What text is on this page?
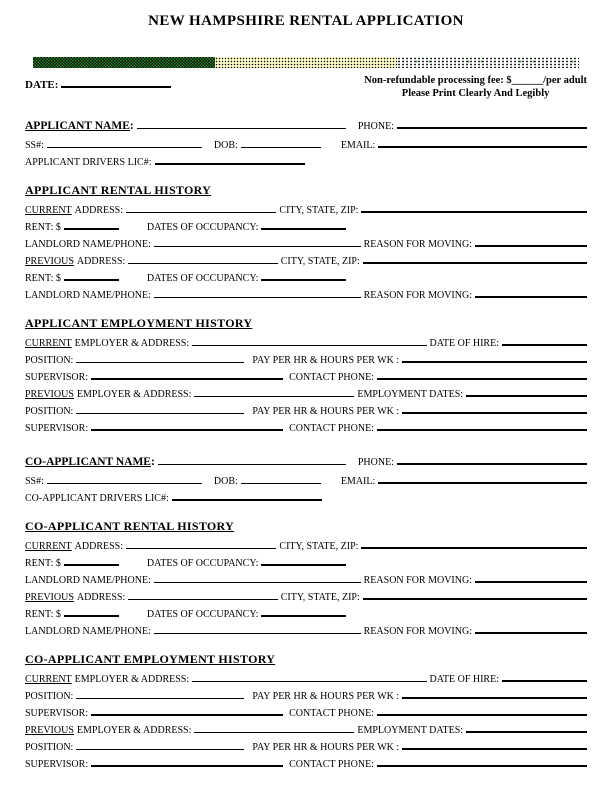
NEW HAMPSHIRE RENTAL APPLICATION
DATE:	Non-refundable processing fee: $______/per adult
Please Print Clearly And Legibly
APPLICANT NAME :	PHONE:
SS#:	DOB:	EMAIL:
APPLICANT DRIVERS LIC#:
APPLICANT RENTAL HISTORY
CURRENT ADDRESS:	CITY, STATE, ZIP:
RENT: $	DATES OF OCCUPANCY:
LANDLORD NAME/PHONE:	REASON FOR MOVING:
PREVIOUS ADDRESS:	CITY, STATE, ZIP:
RENT: $	DATES OF OCCUPANCY:
LANDLORD NAME/PHONE:	REASON FOR MOVING:
APPLICANT EMPLOYMENT HISTORY
CURRENT EMPLOYER & ADDRESS:	DATE OF HIRE:
POSITION:	PAY PER HR & HOURS PER WK :
SUPERVISOR:	CONTACT PHONE:
PREVIOUS EMPLOYER & ADDRESS:	EMPLOYMENT DATES:
POSITION:	PAY PER HR & HOURS PER WK :
SUPERVISOR:	CONTACT PHONE:
CO-APPLICANT NAME :	PHONE:
SS#:	DOB:	EMAIL:
CO-APPLICANT DRIVERS LIC#:
CO-APPLICANT RENTAL HISTORY
CURRENT ADDRESS:	CITY, STATE, ZIP:
RENT: $	DATES OF OCCUPANCY:
LANDLORD NAME/PHONE:	REASON FOR MOVING:
PREVIOUS ADDRESS:	CITY, STATE, ZIP:
RENT: $	DATES OF OCCUPANCY:
LANDLORD NAME/PHONE:	REASON FOR MOVING:
CO-APPLICANT EMPLOYMENT HISTORY
CURRENT EMPLOYER & ADDRESS:	DATE OF HIRE:
POSITION:	PAY PER HR & HOURS PER WK :
SUPERVISOR:	CONTACT PHONE:
PREVIOUS EMPLOYER & ADDRESS:	EMPLOYMENT DATES:
POSITION:	PAY PER HR & HOURS PER WK :
SUPERVISOR:	CONTACT PHONE:
